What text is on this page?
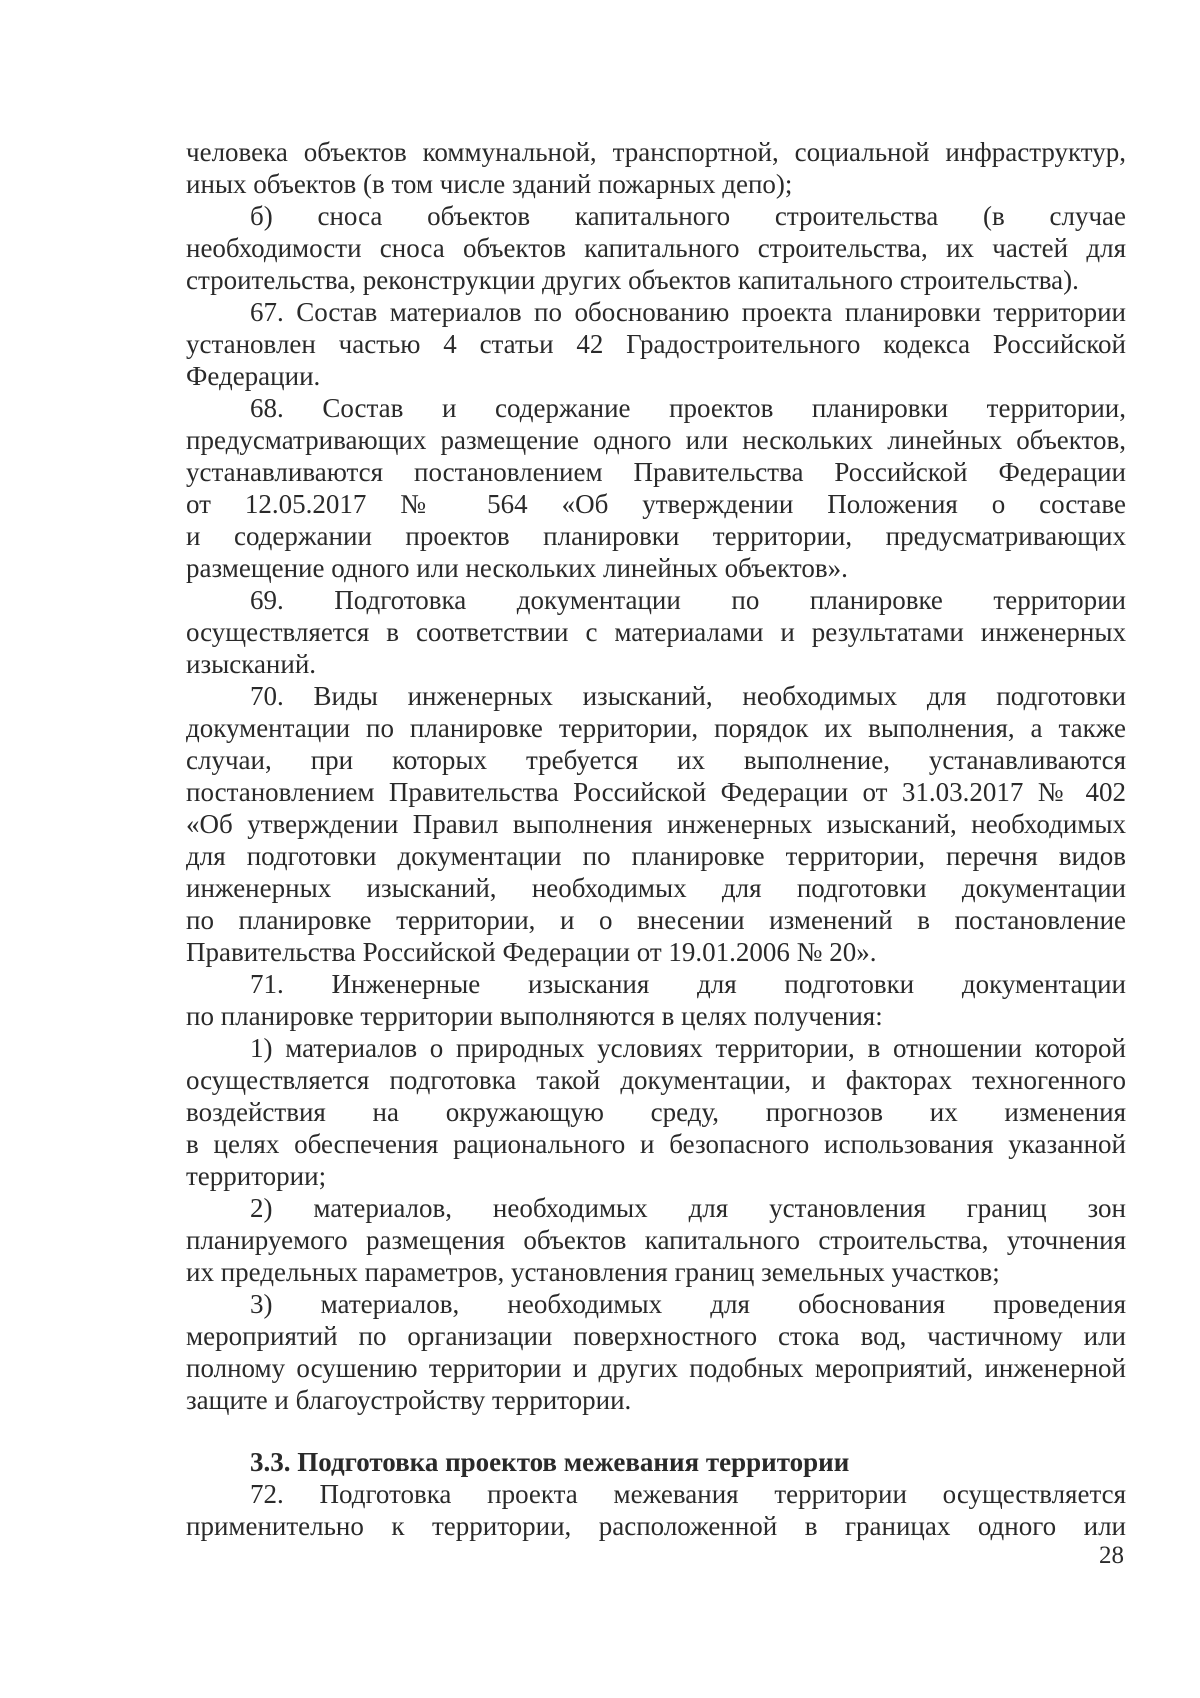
человека объектов коммунальной, транспортной, социальной инфраструктур,
иных объектов (в том числе зданий пожарных депо);
б) сноса объектов капитального строительства (в случае
необходимости сноса объектов капитального строительства, их частей для
строительства, реконструкции других объектов капитального строительства).
67. Состав материалов по обоснованию проекта планировки территории
установлен частью 4 статьи 42 Градостроительного кодекса Российской
Федерации.
68. Состав и содержание проектов планировки территории,
предусматривающих размещение одного или нескольких линейных объектов,
устанавливаются постановлением Правительства Российской Федерации
от 12.05.2017 № 564 «Об утверждении Положения о составе
и содержании проектов планировки территории, предусматривающих
размещение одного или нескольких линейных объектов».
69. Подготовка документации по планировке территории
осуществляется в соответствии с материалами и результатами инженерных
изысканий.
70. Виды инженерных изысканий, необходимых для подготовки
документации по планировке территории, порядок их выполнения, а также
случаи, при которых требуется их выполнение, устанавливаются
постановлением Правительства Российской Федерации от 31.03.2017 № 402
«Об утверждении Правил выполнения инженерных изысканий, необходимых
для подготовки документации по планировке территории, перечня видов
инженерных изысканий, необходимых для подготовки документации
по планировке территории, и о внесении изменений в постановление
Правительства Российской Федерации от 19.01.2006 № 20».
71. Инженерные изыскания для подготовки документации
по планировке территории выполняются в целях получения:
1) материалов о природных условиях территории, в отношении которой
осуществляется подготовка такой документации, и факторах техногенного
воздействия на окружающую среду, прогнозов их изменения
в целях обеспечения рационального и безопасного использования указанной
территории;
2) материалов, необходимых для установления границ зон
планируемого размещения объектов капитального строительства, уточнения
их предельных параметров, установления границ земельных участков;
3) материалов, необходимых для обоснования проведения
мероприятий по организации поверхностного стока вод, частичному или
полному осушению территории и других подобных мероприятий, инженерной
защите и благоустройству территории.
3.3. Подготовка проектов межевания территории
72. Подготовка проекта межевания территории осуществляется
применительно к территории, расположенной в границах одного или
28
